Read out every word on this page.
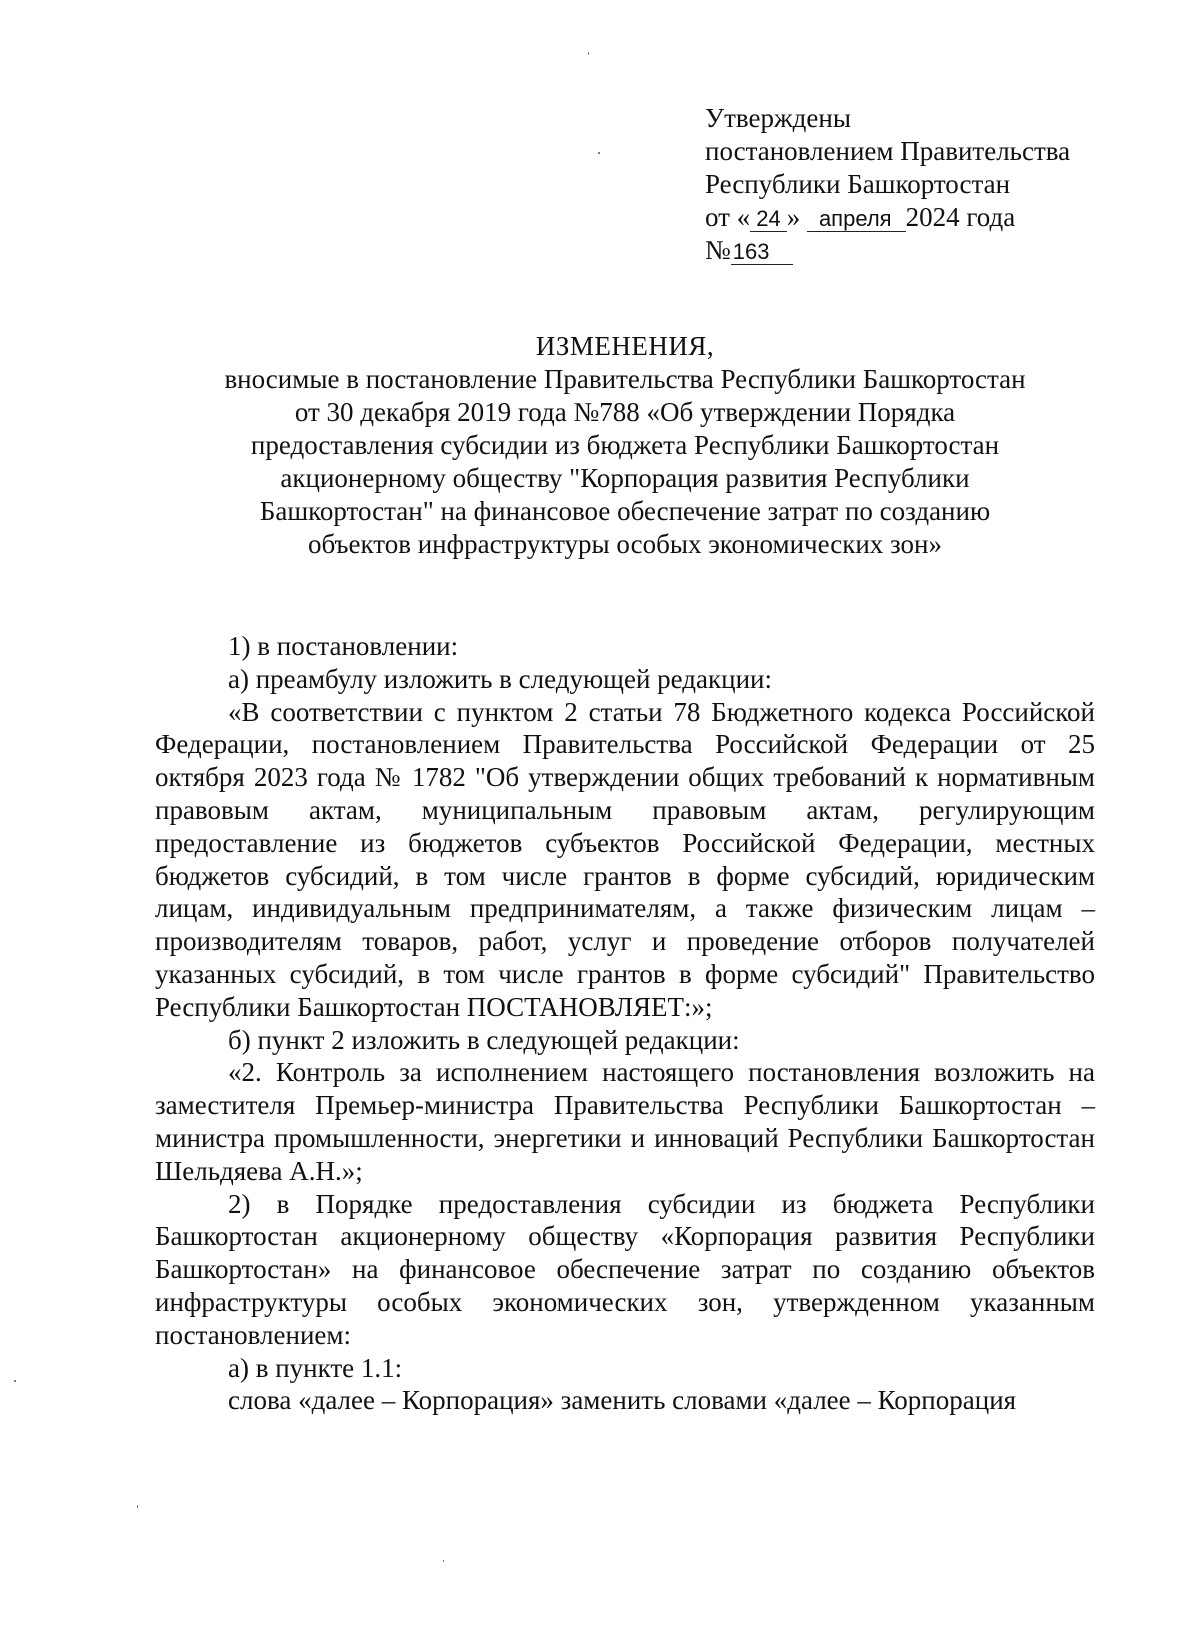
Утверждены
постановлением Правительства
Республики Башкортостан
от « 24 » апреля 2024 года
№163
ИЗМЕНЕНИЯ,
вносимые в постановление Правительства Республики Башкортостан
от 30 декабря 2019 года №788 «Об утверждении Порядка
предоставления субсидии из бюджета Республики Башкортостан
акционерному обществу "Корпорация развития Республики
Башкортостан" на финансовое обеспечение затрат по созданию
объектов инфраструктуры особых экономических зон»

1) в постановлении:

а) преамбулу изложить в следующей редакции:

«В соответствии с пунктом 2 статьи 78 Бюджетного кодекса Российской Федерации, постановлением Правительства Российской Федерации от 25 октября 2023 года № 1782 "Об утверждении общих требований к нормативным правовым актам, муниципальным правовым актам, регулирующим предоставление из бюджетов субъектов Российской Федерации, местных бюджетов субсидий, в том числе грантов в форме субсидий, юридическим лицам, индивидуальным предпринимателям, а также физическим лицам – производителям товаров, работ, услуг и проведение отборов получателей указанных субсидий, в том числе грантов в форме субсидий" Правительство Республики Башкортостан ПОСТАНОВЛЯЕТ:»;

б) пункт 2 изложить в следующей редакции:

«2. Контроль за исполнением настоящего постановления возложить на заместителя Премьер-министра Правительства Республики Башкортостан – министра промышленности, энергетики и инноваций Республики Башкортостан Шельдяева А.Н.»;

2) в Порядке предоставления субсидии из бюджета Республики Башкортостан акционерному обществу «Корпорация развития Республики Башкортостан» на финансовое обеспечение затрат по созданию объектов инфраструктуры особых экономических зон, утвержденном указанным постановлением:

а) в пункте 1.1:

слова «далее – Корпорация» заменить словами «далее – Корпорация
